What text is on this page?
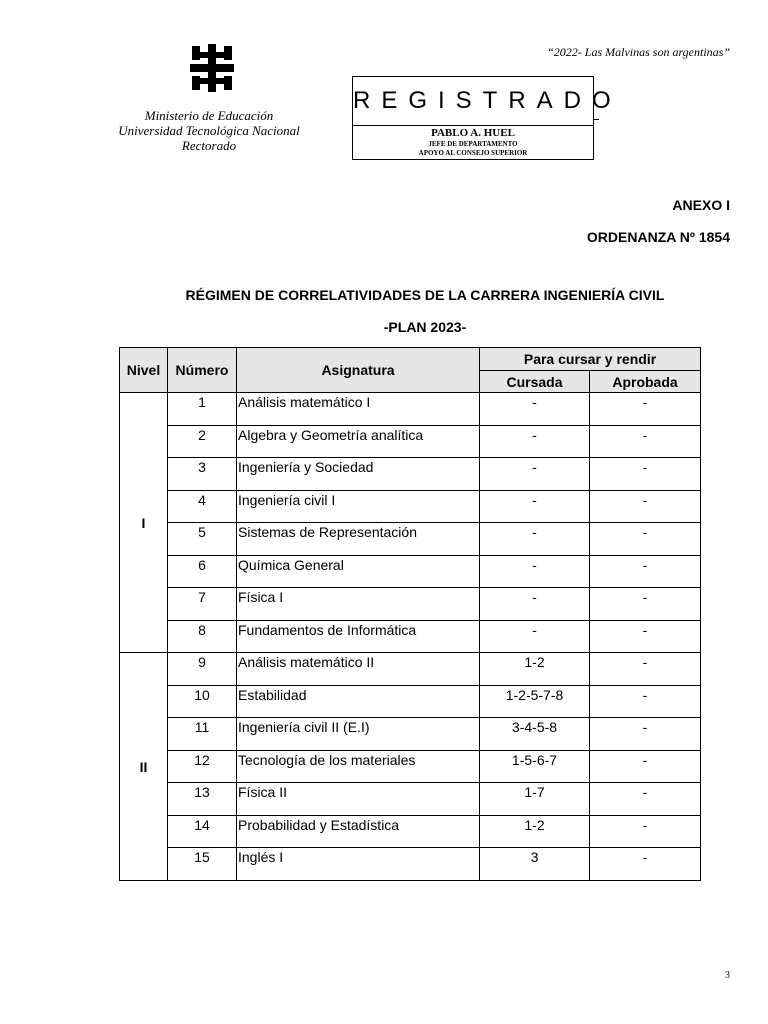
“2022- Las Malvinas son argentinas”
Ministerio de Educación
Universidad Tecnológica Nacional
Rectorado
REGISTRADO
PABLO A. HUEL
JEFE DE DEPARTAMENTO
APOYO AL CONSEJO SUPERIOR
ANEXO I
ORDENANZA Nº 1854
RÉGIMEN DE CORRELATIVIDADES DE LA CARRERA INGENIERÍA CIVIL
-PLAN 2023-
Nivel	Número	Asignatura	Para cursar y rendir	
			Cursada	Aprobada
I	1	Análisis matemático I	-	-
	2	Algebra y Geometría analítica	-	-
	3	Ingeniería y Sociedad	-	-
	4	Ingeniería civil I	-	-
	5	Sistemas de Representación	-	-
	6	Química General	-	-
	7	Física I	-	-
	8	Fundamentos de Informática	-	-
II	9	Análisis matemático II	1-2	-
	10	Estabilidad	1-2-5-7-8	-
	11	Ingeniería civil II (E.I)	3-4-5-8	-
	12	Tecnología de los materiales	1-5-6-7	-
	13	Física II	1-7	-
	14	Probabilidad y Estadística	1-2	-
	15	Inglés I	3	-
3
